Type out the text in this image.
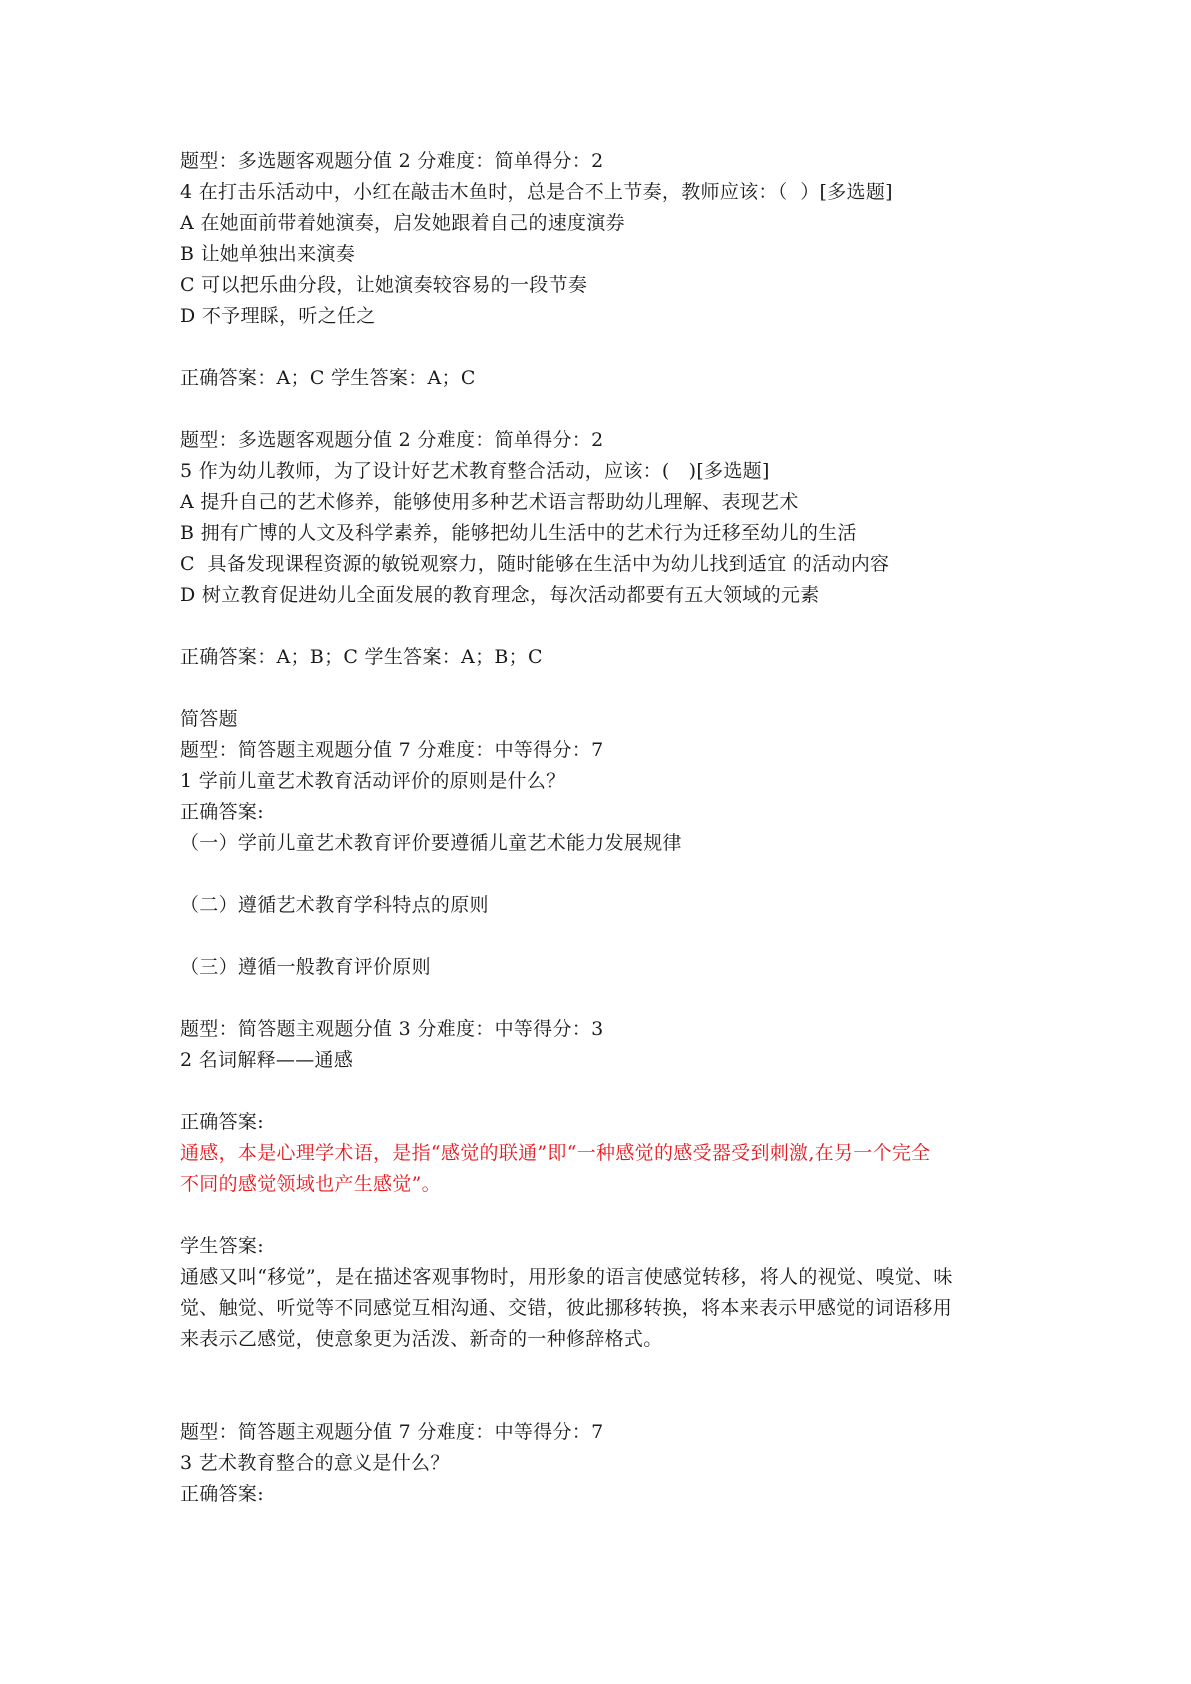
题型：多选题客观题分值 2 分难度：简单得分：2
4 在打击乐活动中，小红在敲击木鱼时，总是合不上节奏，教师应该：（  ）[多选题]
A 在她面前带着她演奏，启发她跟着自己的速度演券
B 让她单独出来演奏
C 可以把乐曲分段，让她演奏较容易的一段节奏
D 不予理睬，听之任之
正确答案：A；C 学生答案：A；C
题型：多选题客观题分值 2 分难度：简单得分：2
5 作为幼儿教师，为了设计好艺术教育整合活动，应该：(   )[多选题]
A 提升自己的艺术修养，能够使用多种艺术语言帮助幼儿理解、表现艺术
B 拥有广博的人文及科学素养，能够把幼儿生活中的艺术行为迁移至幼儿的生活
C  具备发现课程资源的敏锐观察力，随时能够在生活中为幼儿找到适宜 的活动内容
D 树立教育促进幼儿全面发展的教育理念，每次活动都要有五大领域的元素
正确答案：A；B；C 学生答案：A；B；C
简答题
题型：简答题主观题分值 7 分难度：中等得分：7
1 学前儿童艺术教育活动评价的原则是什么？
正确答案:
（一）学前儿童艺术教育评价要遵循儿童艺术能力发展规律
（二）遵循艺术教育学科特点的原则
（三）遵循一般教育评价原则
题型：简答题主观题分值 3 分难度：中等得分：3
2 名词解释——通感
正确答案:
通感，本是心理学术语，是指“感觉的联通”即“一种感觉的感受器受到刺激,在另一个完全
不同的感觉领域也产生感觉”。
学生答案:
通感又叫“移觉”，是在描述客观事物时，用形象的语言使感觉转移，将人的视觉、嗅觉、味
觉、触觉、听觉等不同感觉互相沟通、交错，彼此挪移转换，将本来表示甲感觉的词语移用
来表示乙感觉，使意象更为活泼、新奇的一种修辞格式。
题型：简答题主观题分值 7 分难度：中等得分：7
3 艺术教育整合的意义是什么？
正确答案:
